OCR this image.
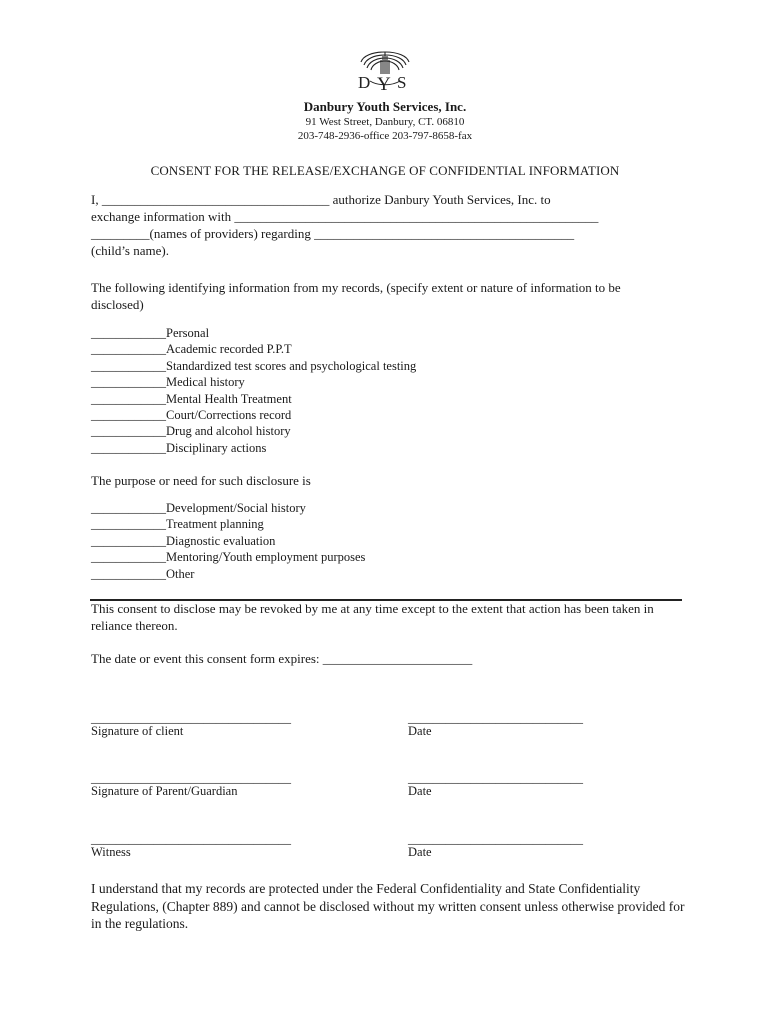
D Y S
Danbury Youth Services, Inc.
91 West Street, Danbury, CT. 06810
203-748-2936-office 203-797-8658-fax
CONSENT FOR THE RELEASE/EXCHANGE OF CONFIDENTIAL INFORMATION
I, ___________________________________ authorize Danbury Youth Services, Inc. to
exchange information with ________________________________________________________
_________(names of providers) regarding ________________________________________
(child’s name).
The following identifying information from my records, (specify extent or nature of information to be disclosed)
____________Personal
____________Academic recorded P.P.T
____________Standardized test scores and psychological testing
____________Medical history
____________Mental Health Treatment
____________Court/Corrections record
____________Drug and alcohol history
____________Disciplinary actions
The purpose or need for such disclosure is
____________Development/Social history
____________Treatment planning
____________Diagnostic evaluation
____________Mentoring/Youth employment purposes
____________Other
This consent to disclose may be revoked by me at any time except to the extent that action has been taken in reliance thereon.
The date or event this consent form expires: _______________________
________________________________
Signature of client
____________________________
Date
________________________________
Signature of Parent/Guardian
____________________________
Date
________________________________
Witness
____________________________
Date
I understand that my records are protected under the Federal Confidentiality and State Confidentiality Regulations, (Chapter 889) and cannot be disclosed without my written consent unless otherwise provided for in the regulations.
